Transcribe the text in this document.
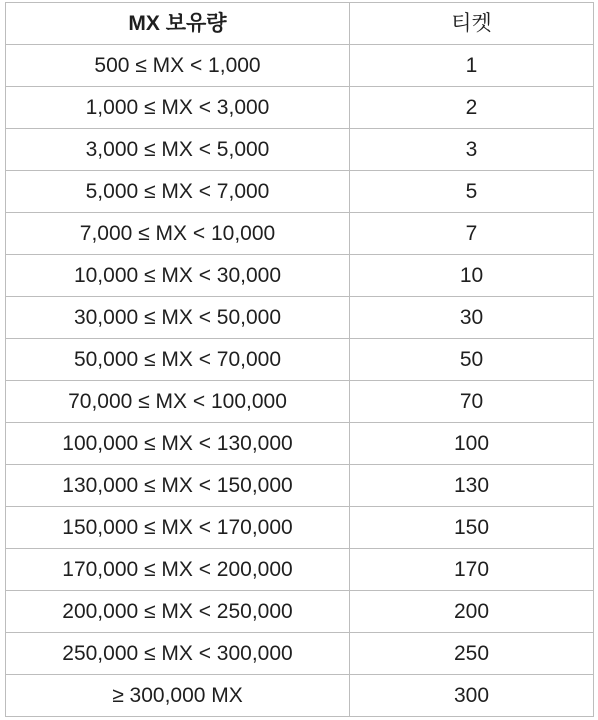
MX 보유량	티켓
500 ≤ MX < 1,000	1
1,000 ≤ MX < 3,000	2
3,000 ≤ MX < 5,000	3
5,000 ≤ MX < 7,000	5
7,000 ≤ MX < 10,000	7
10,000 ≤ MX < 30,000	10
30,000 ≤ MX < 50,000	30
50,000 ≤ MX < 70,000	50
70,000 ≤ MX < 100,000	70
100,000 ≤ MX < 130,000	100
130,000 ≤ MX < 150,000	130
150,000 ≤ MX < 170,000	150
170,000 ≤ MX < 200,000	170
200,000 ≤ MX < 250,000	200
250,000 ≤ MX < 300,000	250
≥ 300,000 MX	300
